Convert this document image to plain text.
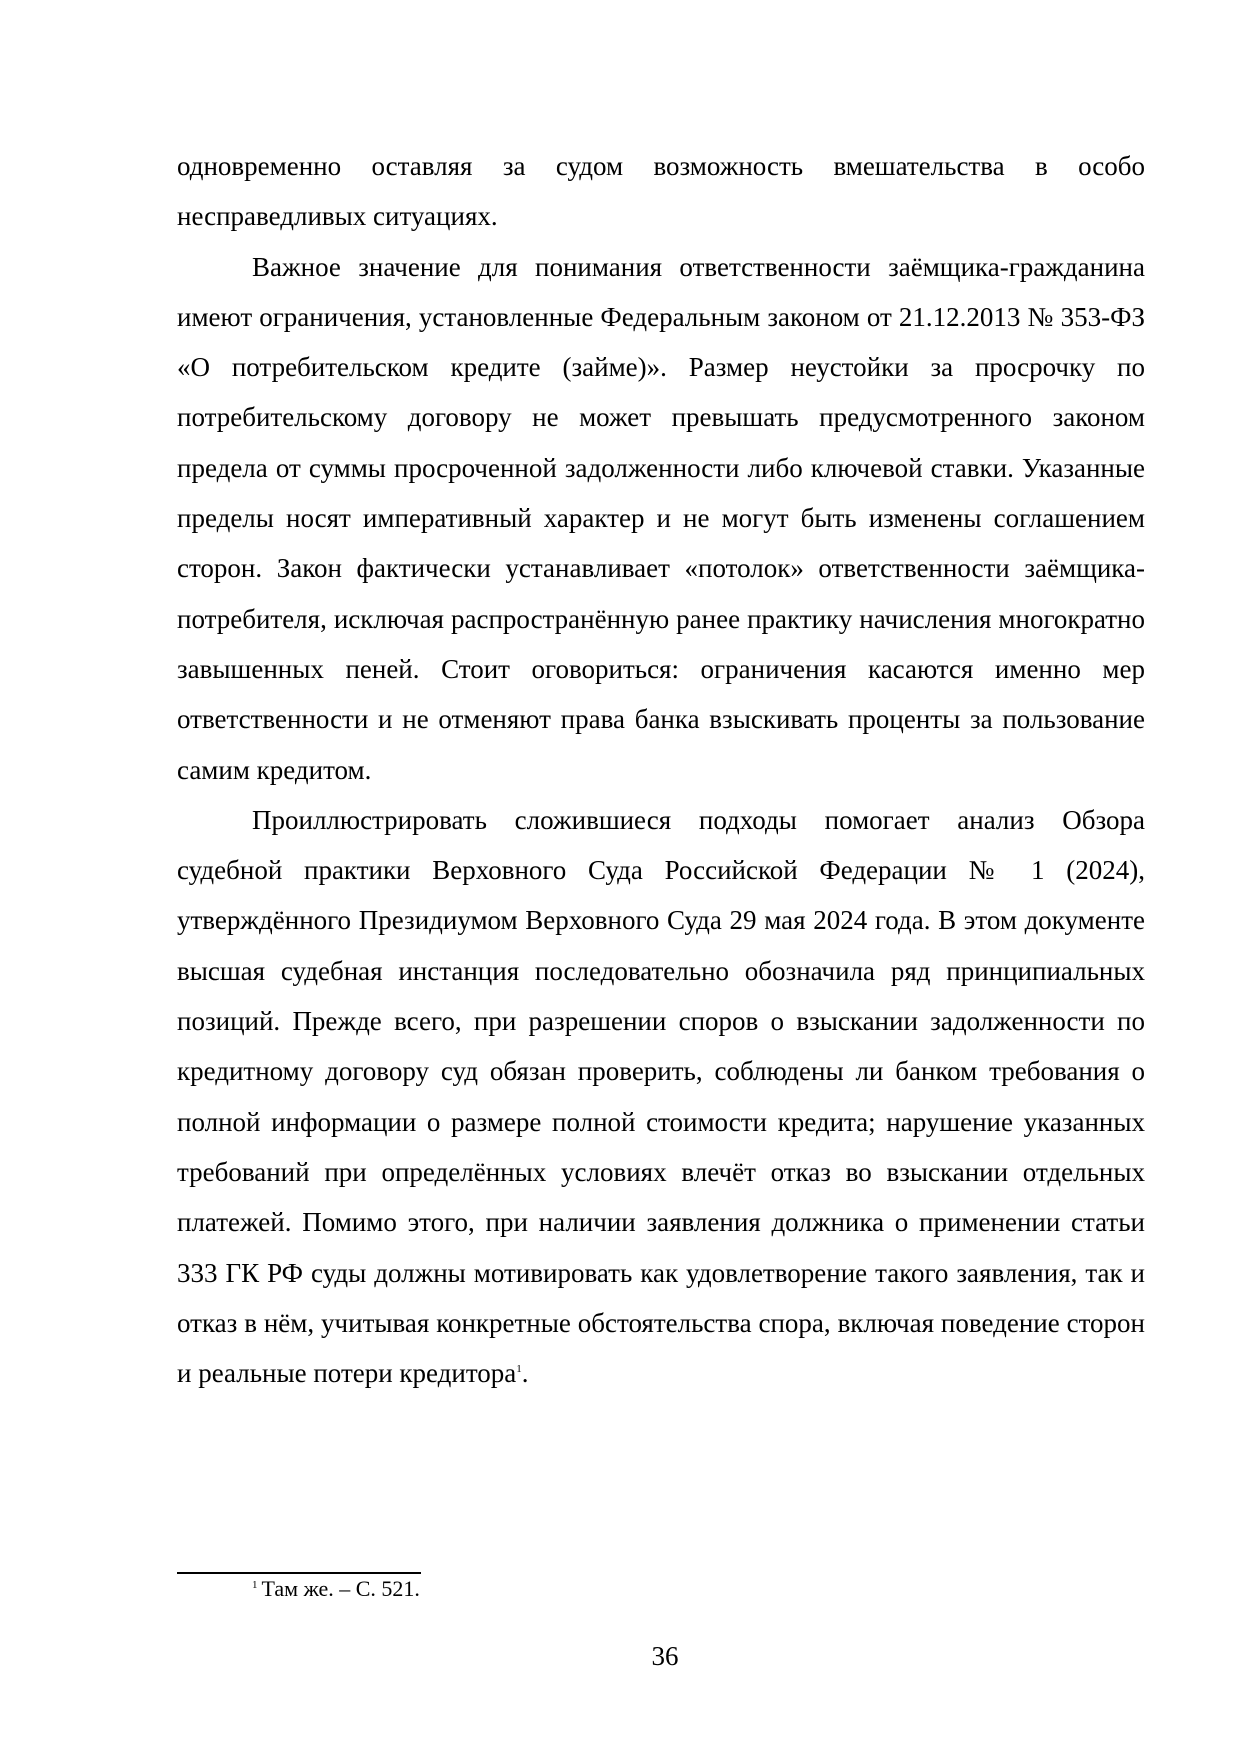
одновременно оставляя за судом возможность вмешательства в особо несправедливых ситуациях.

Важное значение для понимания ответственности заёмщика-гражданина имеют ограничения, установленные Федеральным законом от 21.12.2013 № 353-ФЗ «О потребительском кредите (займе)». Размер неустойки за просрочку по потребительскому договору не может превышать предусмотренного законом предела от суммы просроченной задолженности либо ключевой ставки. Указанные пределы носят императивный характер и не могут быть изменены соглашением сторон. Закон фактически устанавливает «потолок» ответственности заёмщика-потребителя, исключая распространённую ранее практику начисления многократно завышенных пеней. Стоит оговориться: ограничения касаются именно мер ответственности и не отменяют права банка взыскивать проценты за пользование самим кредитом.

Проиллюстрировать сложившиеся подходы помогает анализ Обзора судебной практики Верховного Суда Российской Федерации № 1 (2024), утверждённого Президиумом Верховного Суда 29 мая 2024 года. В этом документе высшая судебная инстанция последовательно обозначила ряд принципиальных позиций. Прежде всего, при разрешении споров о взыскании задолженности по кредитному договору суд обязан проверить, соблюдены ли банком требования о полной информации о размере полной стоимости кредита; нарушение указанных требований при определённых условиях влечёт отказ во взыскании отдельных платежей. Помимо этого, при наличии заявления должника о применении статьи 333 ГК РФ суды должны мотивировать как удовлетворение такого заявления, так и отказ в нём, учитывая конкретные обстоятельства спора, включая поведение сторон и реальные потери кредитора$^1$.

$^1$ Там же. – С. 521.
36
